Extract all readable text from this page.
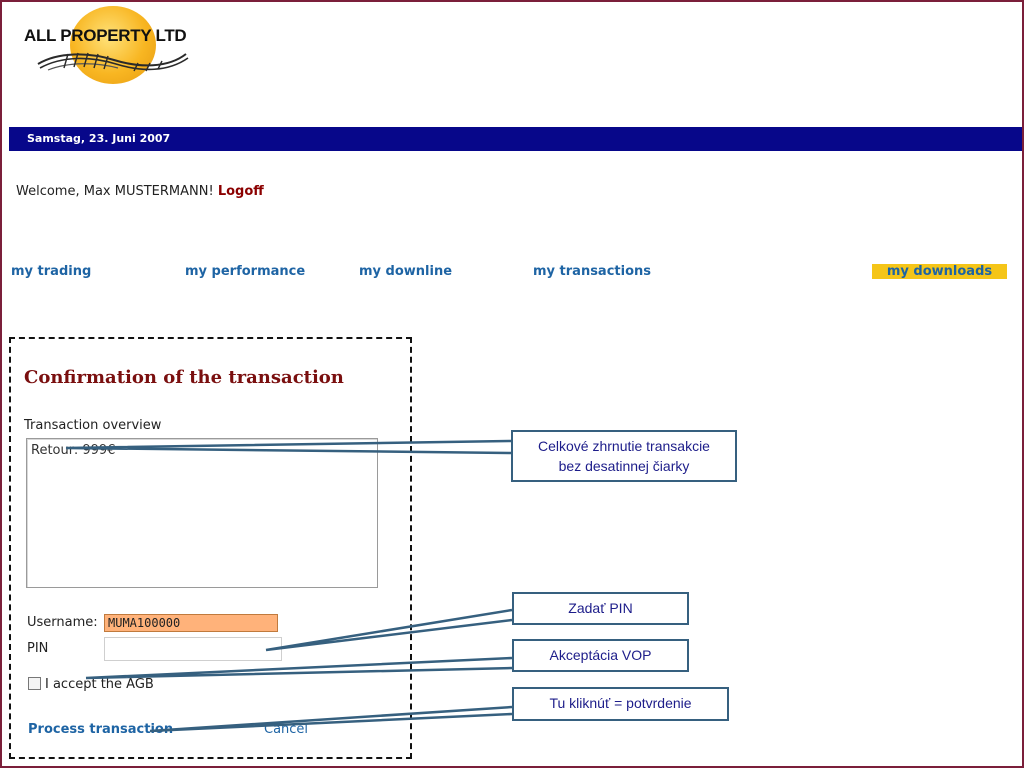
ALL PROPERTY LTD
Samstag, 23. Juni 2007
Welcome, Max MUSTERMANN! Logoff
my trading	my performance	my downline	my transactions	my downloads
Confirmation of the transaction
Transaction overview
Retour: 999€
Username: MUMA100000
PIN
I accept the AGB
Process transaction	Cancel
Celkové zhrnutie transakcie
bez desatinnej čiarky
Zadať PIN
Akceptácia VOP
Tu kliknúť = potvrdenie
